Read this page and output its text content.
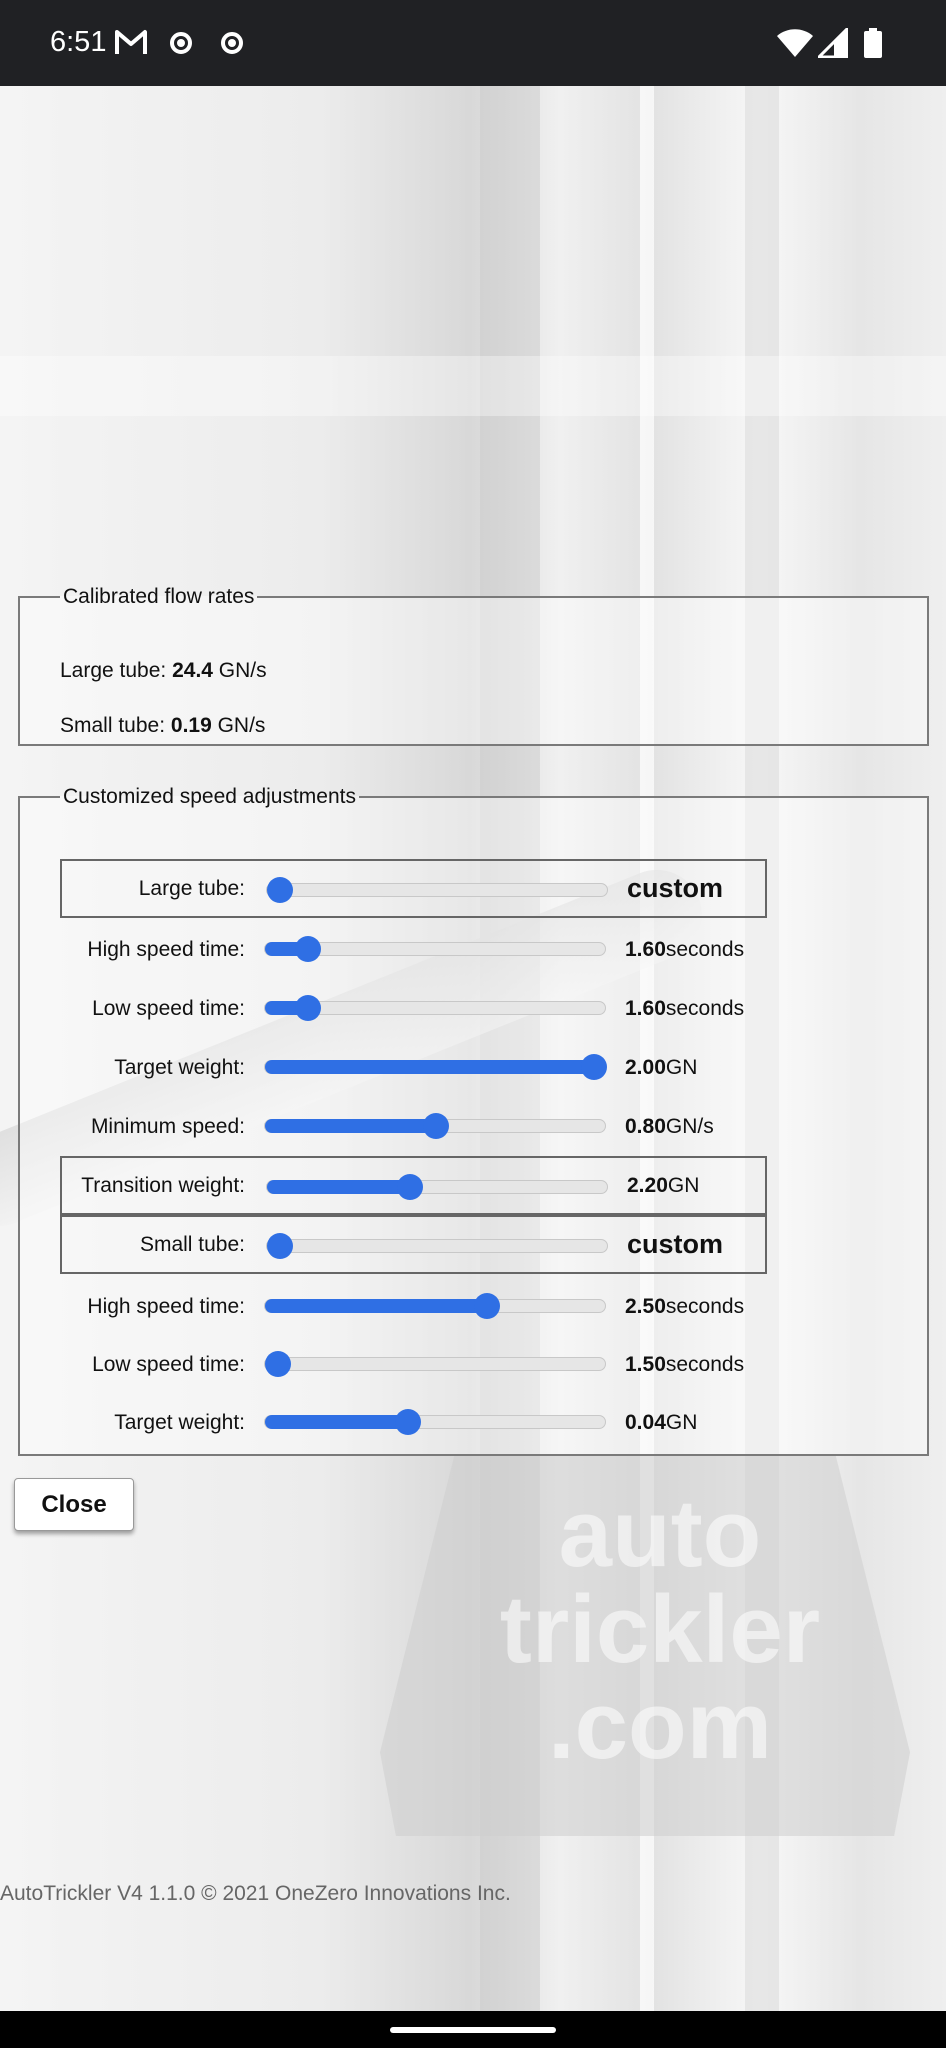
auto
trickler
.com
6:51
Calibrated flow rates
Large tube: 24.4 GN/s
Small tube: 0.19 GN/s
Customized speed adjustments
Large tube:	custom
High speed time:	1.60 seconds
Low speed time:	1.60 seconds
Target weight:	2.00 GN
Minimum speed:	0.80 GN/s
Transition weight:	2.20 GN
Small tube:	custom
High speed time:	2.50 seconds
Low speed time:	1.50 seconds
Target weight:	0.04 GN
Close
AutoTrickler V4 1.1.0 © 2021 OneZero Innovations Inc.
